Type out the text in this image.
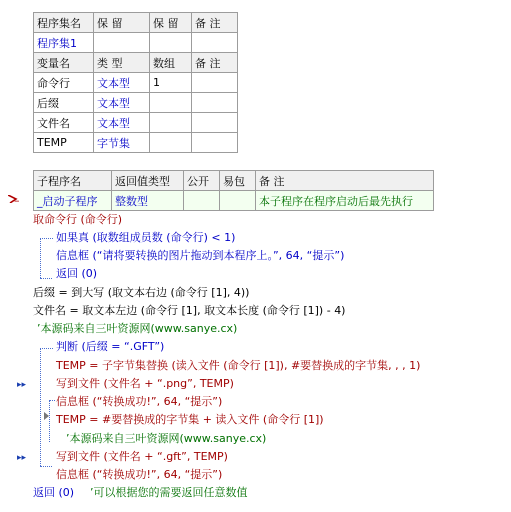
程序集名	保 留	保 留	备 注
程序集1			
变量名	类 型	数组	备 注
命令行	文本型	1	
后缀	文本型		
文件名	文本型		
TEMP	字节集		
子程序名	返回值类型	公开	易包	备 注
_启动子程序	整数型			本子程序在程序启动后最先执行
–
▸▸
▸▸
取命令行 (命令行)
如果真 (取数组成员数 (命令行) < 1)
信息框 (“请将要转换的图片拖动到本程序上。”, 64, “提示”)
返回 (0)
后缀 = 到大写 (取文本右边 (命令行 [1], 4))
文件名 = 取文本左边 (命令行 [1], 取文本长度 (命令行 [1]) - 4)
’本源码来自三叶资源网(www.sanye.cx)
判断 (后缀 = “.GFT”)
TEMP = 子字节集替换 (读入文件 (命令行 [1]), #要替换成的字节集, , , 1)
写到文件 (文件名 + “.png”, TEMP)
信息框 (“转换成功!”, 64, “提示”)
TEMP = #要替换成的字节集 + 读入文件 (命令行 [1])
’本源码来自三叶资源网(www.sanye.cx)
写到文件 (文件名 + “.gft”, TEMP)
信息框 (“转换成功!”, 64, “提示”)
返回 (0) ’可以根据您的需要返回任意数值
